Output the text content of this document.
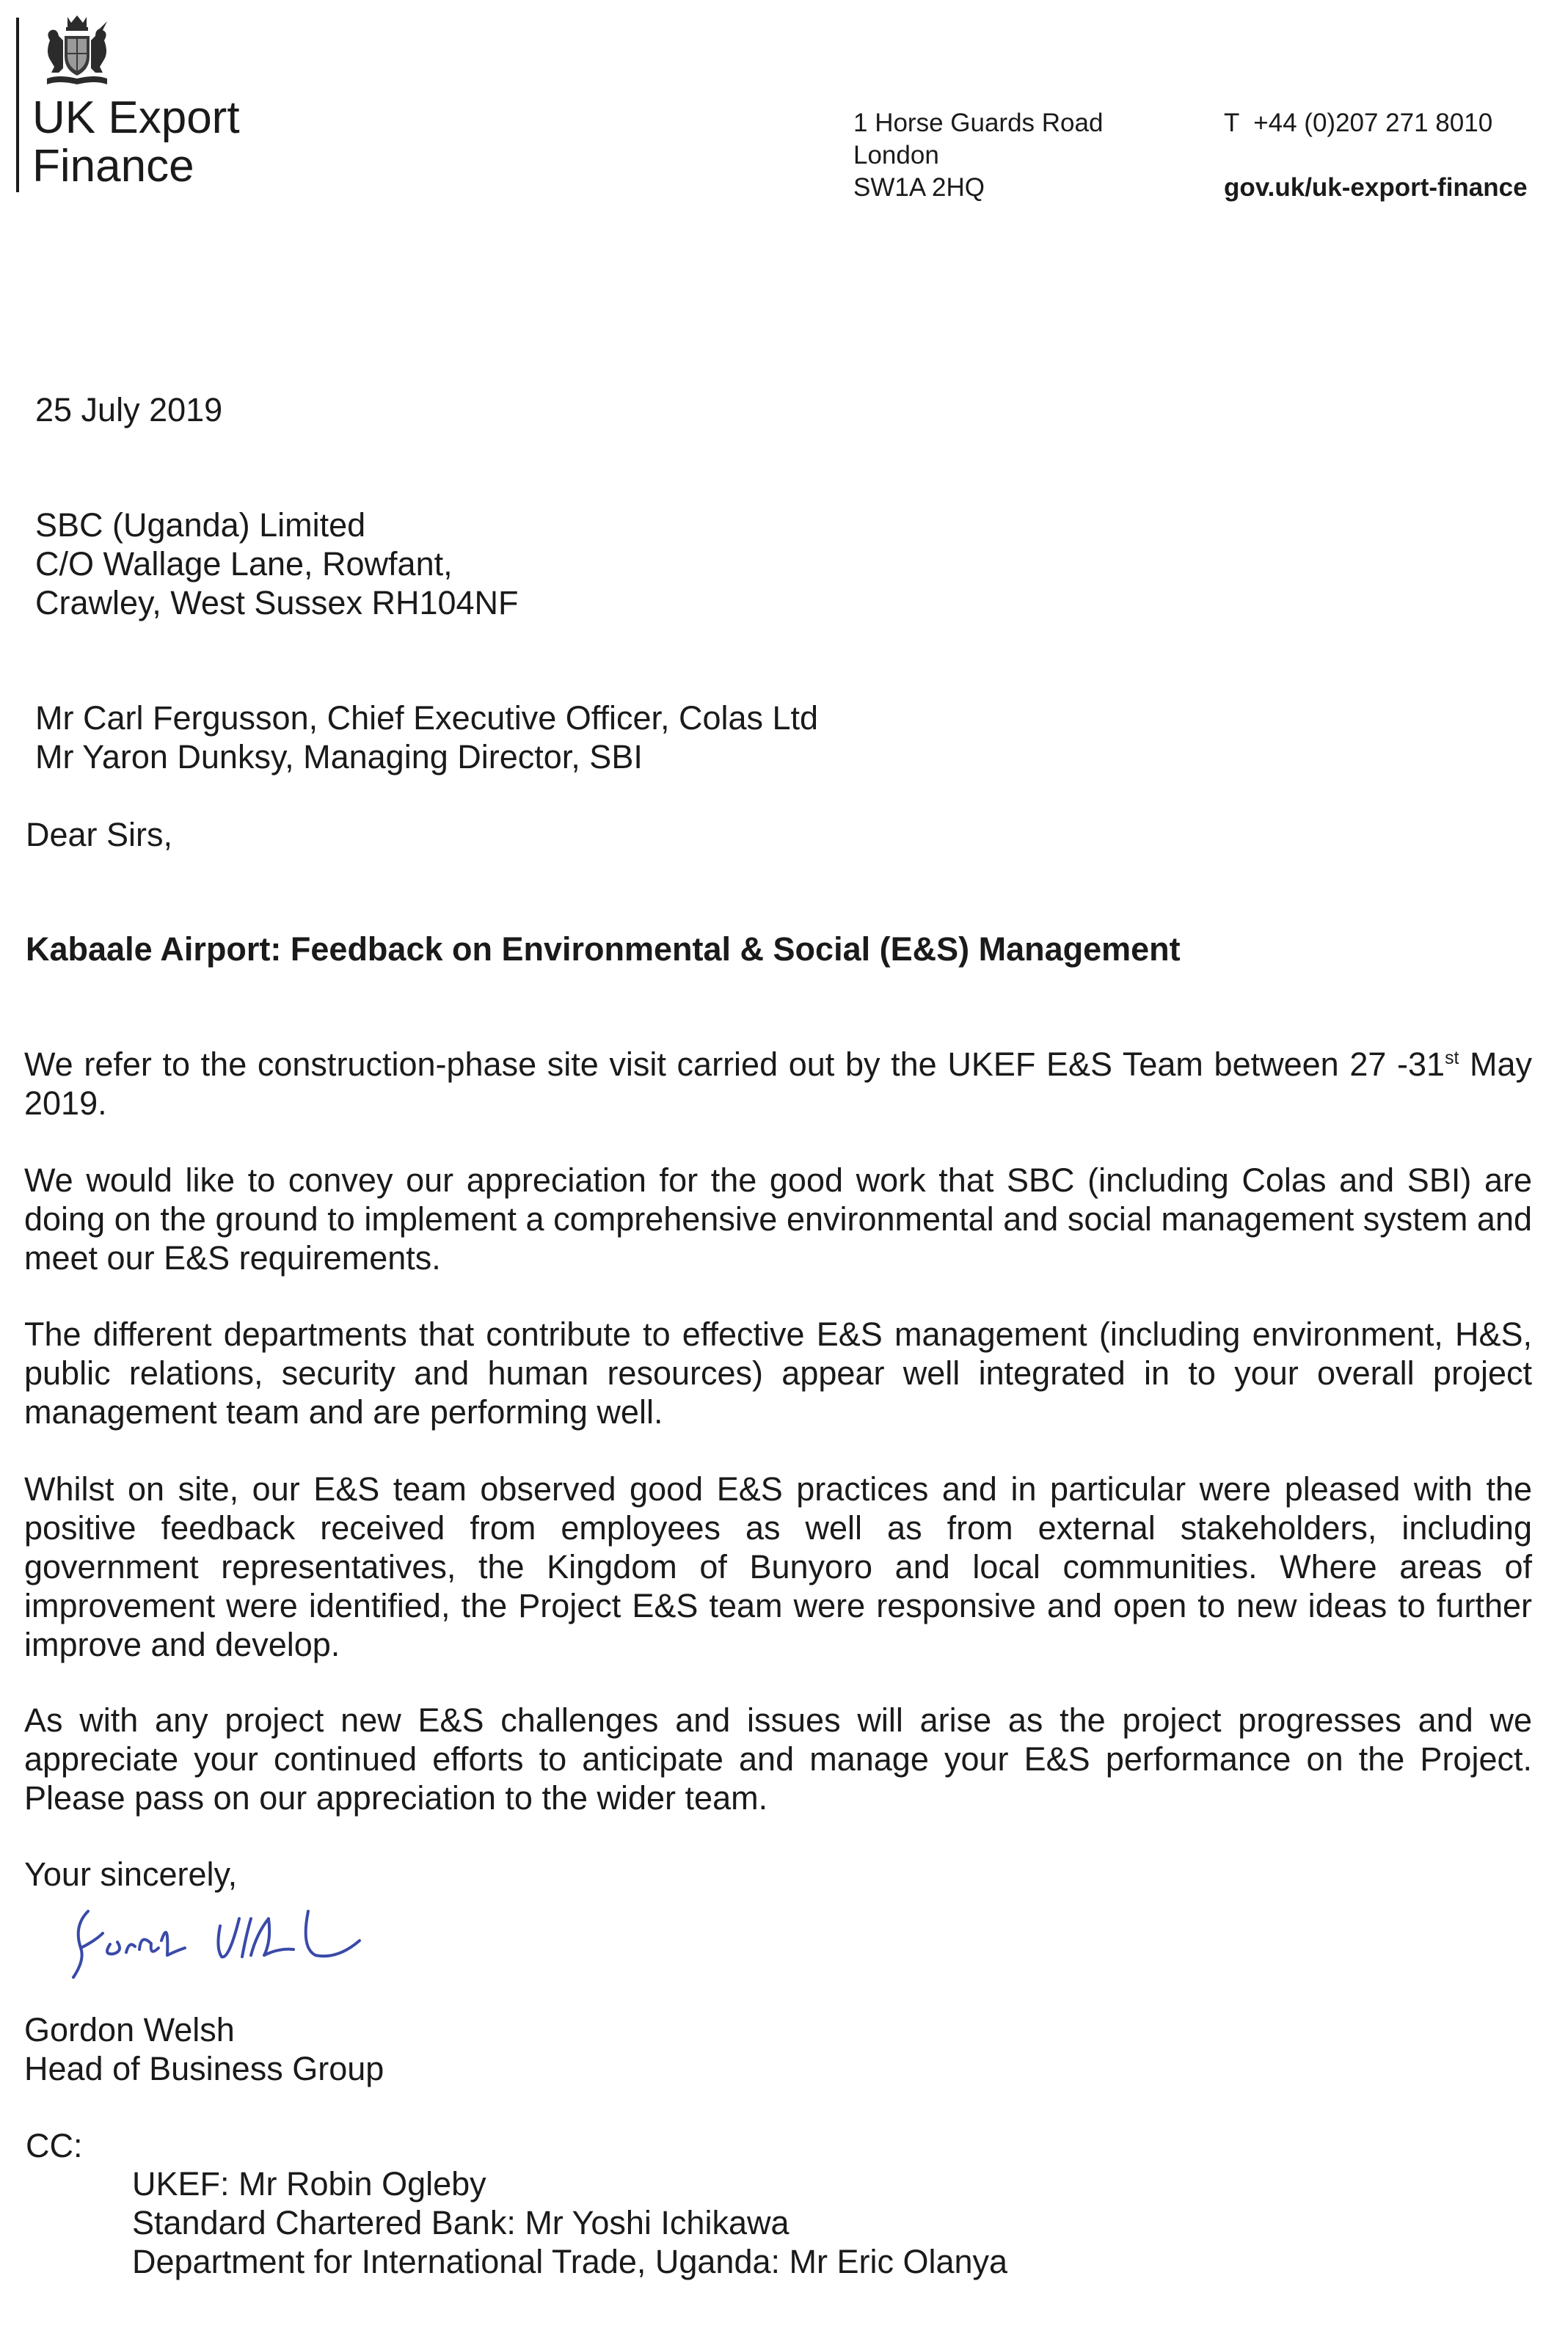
UK Export
Finance
1 Horse Guards Road
London
SW1A 2HQ
T  +44 (0)207 271 8010
gov.uk/uk-export-finance
25 July 2019
SBC (Uganda) Limited
C/O Wallage Lane, Rowfant,
Crawley, West Sussex RH104NF
Mr Carl Fergusson, Chief Executive Officer, Colas Ltd
Mr Yaron Dunksy, Managing Director, SBI
Dear Sirs,
Kabaale Airport: Feedback on Environmental & Social (E&S) Management
We refer to the construction-phase site visit carried out by the UKEF E&S Team between 27 -31st May 2019.
We would like to convey our appreciation for the good work that SBC (including Colas and SBI) are doing on the ground to implement a comprehensive environmental and social management system and meet our E&S requirements.
The different departments that contribute to effective E&S management (including environment, H&S, public relations, security and human resources) appear well integrated in to your overall project management team and are performing well.
Whilst on site, our E&S team observed good E&S practices and in particular were pleased with the positive feedback received from employees as well as from external stakeholders, including government representatives, the Kingdom of Bunyoro and local communities. Where areas of improvement were identified, the Project E&S team were responsive and open to new ideas to further improve and develop.
As with any project new E&S challenges and issues will arise as the project progresses and we appreciate your continued efforts to anticipate and manage your E&S performance on the Project. Please pass on our appreciation to the wider team.
Your sincerely,
Gordon Welsh
Head of Business Group
CC:
UKEF: Mr Robin Ogleby
Standard Chartered Bank: Mr Yoshi Ichikawa
Department for International Trade, Uganda: Mr Eric Olanya
